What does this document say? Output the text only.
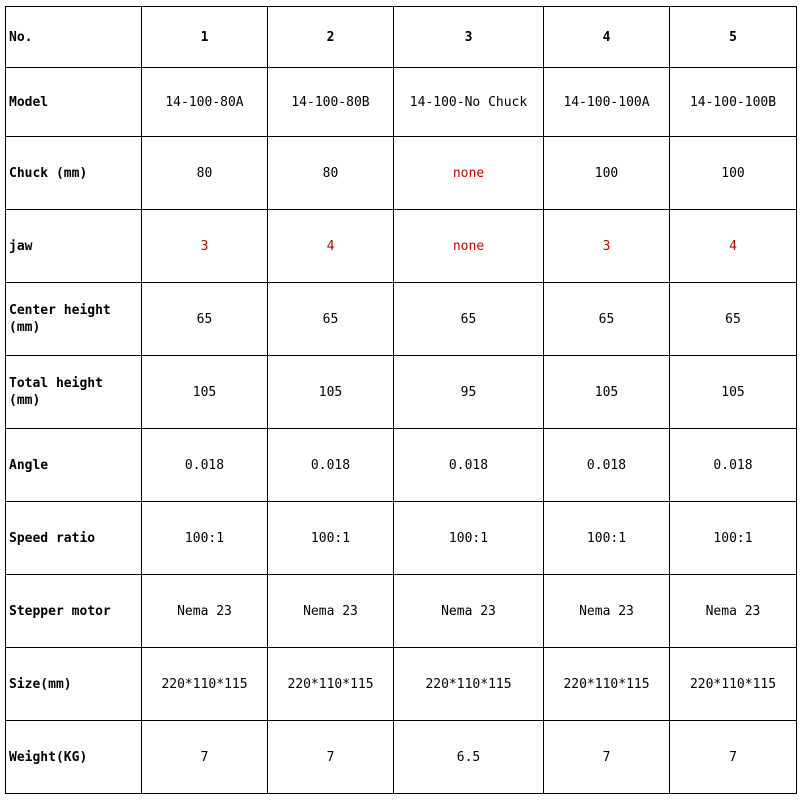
No.	1	2	3	4	5
Model	14-100-80A	14-100-80B	14-100-No Chuck	14-100-100A	14-100-100B
Chuck (mm)	80	80	none	100	100
jaw	3	4	none	3	4
Center height (mm)	65	65	65	65	65
Total height (mm)	105	105	95	105	105
Angle	0.018	0.018	0.018	0.018	0.018
Speed ratio	100:1	100:1	100:1	100:1	100:1
Stepper motor	Nema 23	Nema 23	Nema 23	Nema 23	Nema 23
Size(mm)	220*110*115	220*110*115	220*110*115	220*110*115	220*110*115
Weight(KG)	7	7	6.5	7	7
